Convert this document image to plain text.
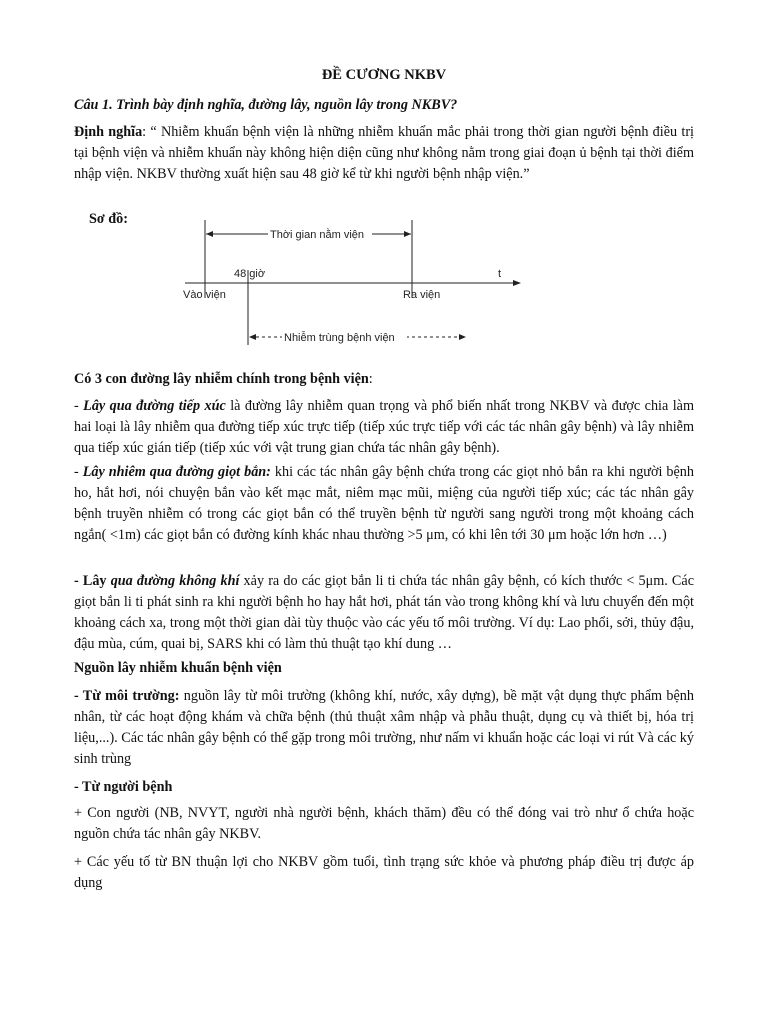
ĐỀ CƯƠNG NKBV
Câu 1. Trình bày định nghĩa, đường lây, nguồn lây trong NKBV?
Định nghĩa: “ Nhiễm khuẩn bệnh viện là những nhiễm khuẩn mắc phải trong thời gian người bệnh điều trị tại bệnh viện và nhiễm khuẩn này không hiện diện cũng như không nằm trong giai đoạn ủ bệnh tại thời điểm nhập viện. NKBV thường xuất hiện sau 48 giờ kể từ khi người bệnh nhập viện.”
Sơ đồ:
Thời gian nằm viện
48 giờ	t
Vào viện	Ra viện
Nhiễm trùng bệnh viện
Có 3 con đường lây nhiễm chính trong bệnh viện:
- Lây qua đường tiếp xúc là đường lây nhiễm quan trọng và phổ biến nhất trong NKBV và được chia làm hai loại là lây nhiễm qua đường tiếp xúc trực tiếp (tiếp xúc trực tiếp với các tác nhân gây bệnh) và lây nhiễm qua tiếp xúc gián tiếp (tiếp xúc với vật trung gian chứa tác nhân gây bệnh).
- Lây nhiêm qua đường giọt bắn: khi các tác nhân gây bệnh chứa trong các giọt nhỏ bắn ra khi người bệnh ho, hắt hơi, nói chuyện bắn vào kết mạc mắt, niêm mạc mũi, miệng của người tiếp xúc; các tác nhân gây bệnh truyền nhiễm có trong các giọt bắn có thể truyền bệnh từ người sang người trong một khoảng cách ngắn( <1m) các giọt bắn có đường kính khác nhau thường >5 μm, có khi lên tới 30 μm hoặc lớn hơn …)
- Lây qua đường không khí xảy ra do các giọt bắn li ti chứa tác nhân gây bệnh, có kích thước < 5μm. Các giọt bắn li ti phát sinh ra khi người bệnh ho hay hắt hơi, phát tán vào trong không khí và lưu chuyển đến một khoảng cách xa, trong một thời gian dài tùy thuộc vào các yếu tố môi trường. Ví dụ: Lao phổi, sởi, thủy đậu, đậu mùa, cúm, quai bị, SARS khi có làm thủ thuật tạo khí dung …
Nguồn lây nhiễm khuẩn bệnh viện
- Từ môi trường: nguồn lây từ môi trường (không khí, nước, xây dựng), bề mặt vật dụng thực phẩm bệnh nhân, từ các hoạt động khám và chữa bệnh (thủ thuật xâm nhập và phẫu thuật, dụng cụ và thiết bị, hóa trị liệu,...). Các tác nhân gây bệnh có thể gặp trong môi trường, như nấm vi khuẩn hoặc các loại vi rút Và các ký sinh trùng
- Từ người bệnh
+ Con người (NB, NVYT, người nhà người bệnh, khách thăm) đều có thể đóng vai trò như ổ chứa hoặc nguồn chứa tác nhân gây NKBV.
+ Các yếu tố từ BN thuận lợi cho NKBV gồm tuổi, tình trạng sức khỏe và phương pháp điều trị được áp dụng
